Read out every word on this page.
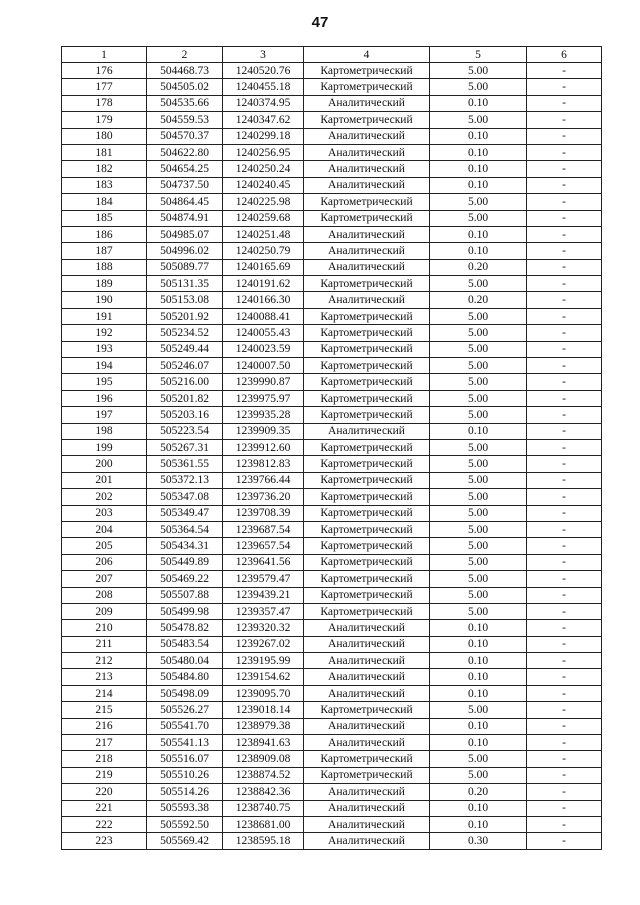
47
1	2	3	4	5	6
176	504468.73	1240520.76	Картометрический	5.00	-
177	504505.02	1240455.18	Картометрический	5.00	-
178	504535.66	1240374.95	Аналитический	0.10	-
179	504559.53	1240347.62	Картометрический	5.00	-
180	504570.37	1240299.18	Аналитический	0.10	-
181	504622.80	1240256.95	Аналитический	0.10	-
182	504654.25	1240250.24	Аналитический	0.10	-
183	504737.50	1240240.45	Аналитический	0.10	-
184	504864.45	1240225.98	Картометрический	5.00	-
185	504874.91	1240259.68	Картометрический	5.00	-
186	504985.07	1240251.48	Аналитический	0.10	-
187	504996.02	1240250.79	Аналитический	0.10	-
188	505089.77	1240165.69	Аналитический	0.20	-
189	505131.35	1240191.62	Картометрический	5.00	-
190	505153.08	1240166.30	Аналитический	0.20	-
191	505201.92	1240088.41	Картометрический	5.00	-
192	505234.52	1240055.43	Картометрический	5.00	-
193	505249.44	1240023.59	Картометрический	5.00	-
194	505246.07	1240007.50	Картометрический	5.00	-
195	505216.00	1239990.87	Картометрический	5.00	-
196	505201.82	1239975.97	Картометрический	5.00	-
197	505203.16	1239935.28	Картометрический	5.00	-
198	505223.54	1239909.35	Аналитический	0.10	-
199	505267.31	1239912.60	Картометрический	5.00	-
200	505361.55	1239812.83	Картометрический	5.00	-
201	505372.13	1239766.44	Картометрический	5.00	-
202	505347.08	1239736.20	Картометрический	5.00	-
203	505349.47	1239708.39	Картометрический	5.00	-
204	505364.54	1239687.54	Картометрический	5.00	-
205	505434.31	1239657.54	Картометрический	5.00	-
206	505449.89	1239641.56	Картометрический	5.00	-
207	505469.22	1239579.47	Картометрический	5.00	-
208	505507.88	1239439.21	Картометрический	5.00	-
209	505499.98	1239357.47	Картометрический	5.00	-
210	505478.82	1239320.32	Аналитический	0.10	-
211	505483.54	1239267.02	Аналитический	0.10	-
212	505480.04	1239195.99	Аналитический	0.10	-
213	505484.80	1239154.62	Аналитический	0.10	-
214	505498.09	1239095.70	Аналитический	0.10	-
215	505526.27	1239018.14	Картометрический	5.00	-
216	505541.70	1238979.38	Аналитический	0.10	-
217	505541.13	1238941.63	Аналитический	0.10	-
218	505516.07	1238909.08	Картометрический	5.00	-
219	505510.26	1238874.52	Картометрический	5.00	-
220	505514.26	1238842.36	Аналитический	0.20	-
221	505593.38	1238740.75	Аналитический	0.10	-
222	505592.50	1238681.00	Аналитический	0.10	-
223	505569.42	1238595.18	Аналитический	0.30	-
